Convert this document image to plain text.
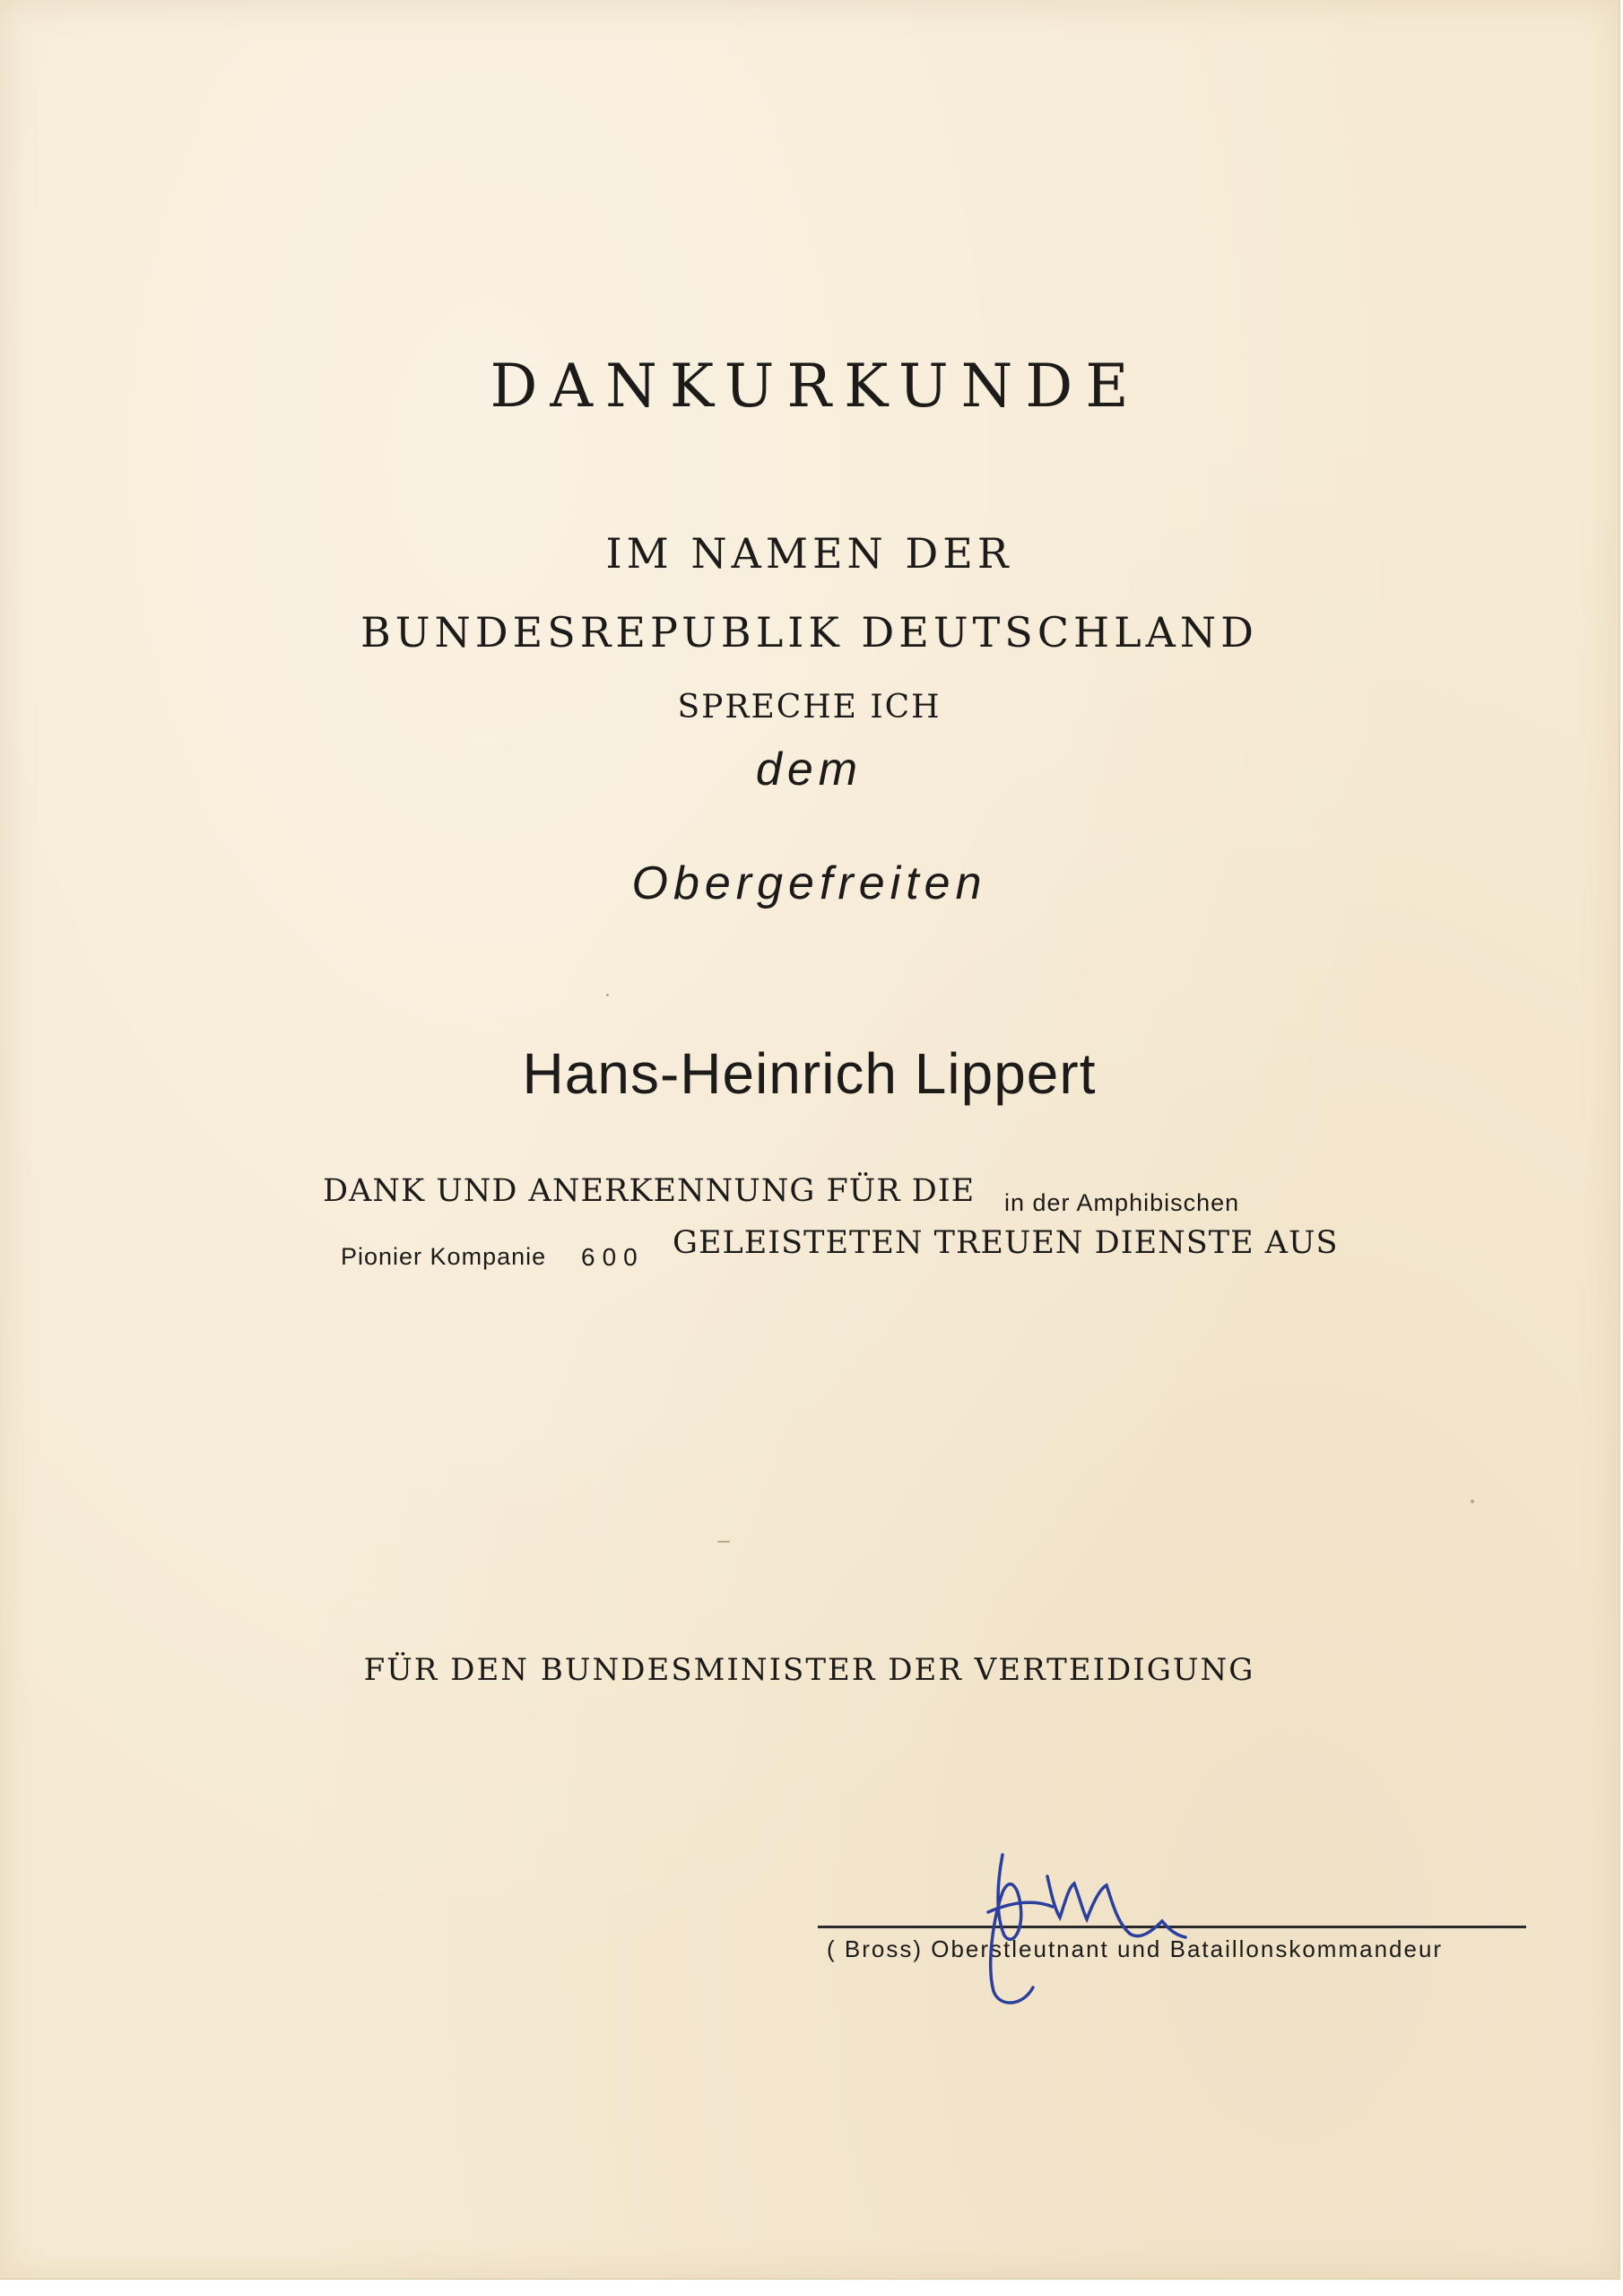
DANKURKUNDE
IM NAMEN DER
BUNDESREPUBLIK DEUTSCHLAND
SPRECHE ICH
dem
Obergefreiten
Hans-Heinrich Lippert
DANK UND ANERKENNUNG FÜR DIE in der Amphibischen
Pionier Kompanie 600 GELEISTETEN TREUEN DIENSTE AUS
FÜR DEN BUNDESMINISTER DER VERTEIDIGUNG
( Bross) Oberstleutnant und Bataillonskommandeur
